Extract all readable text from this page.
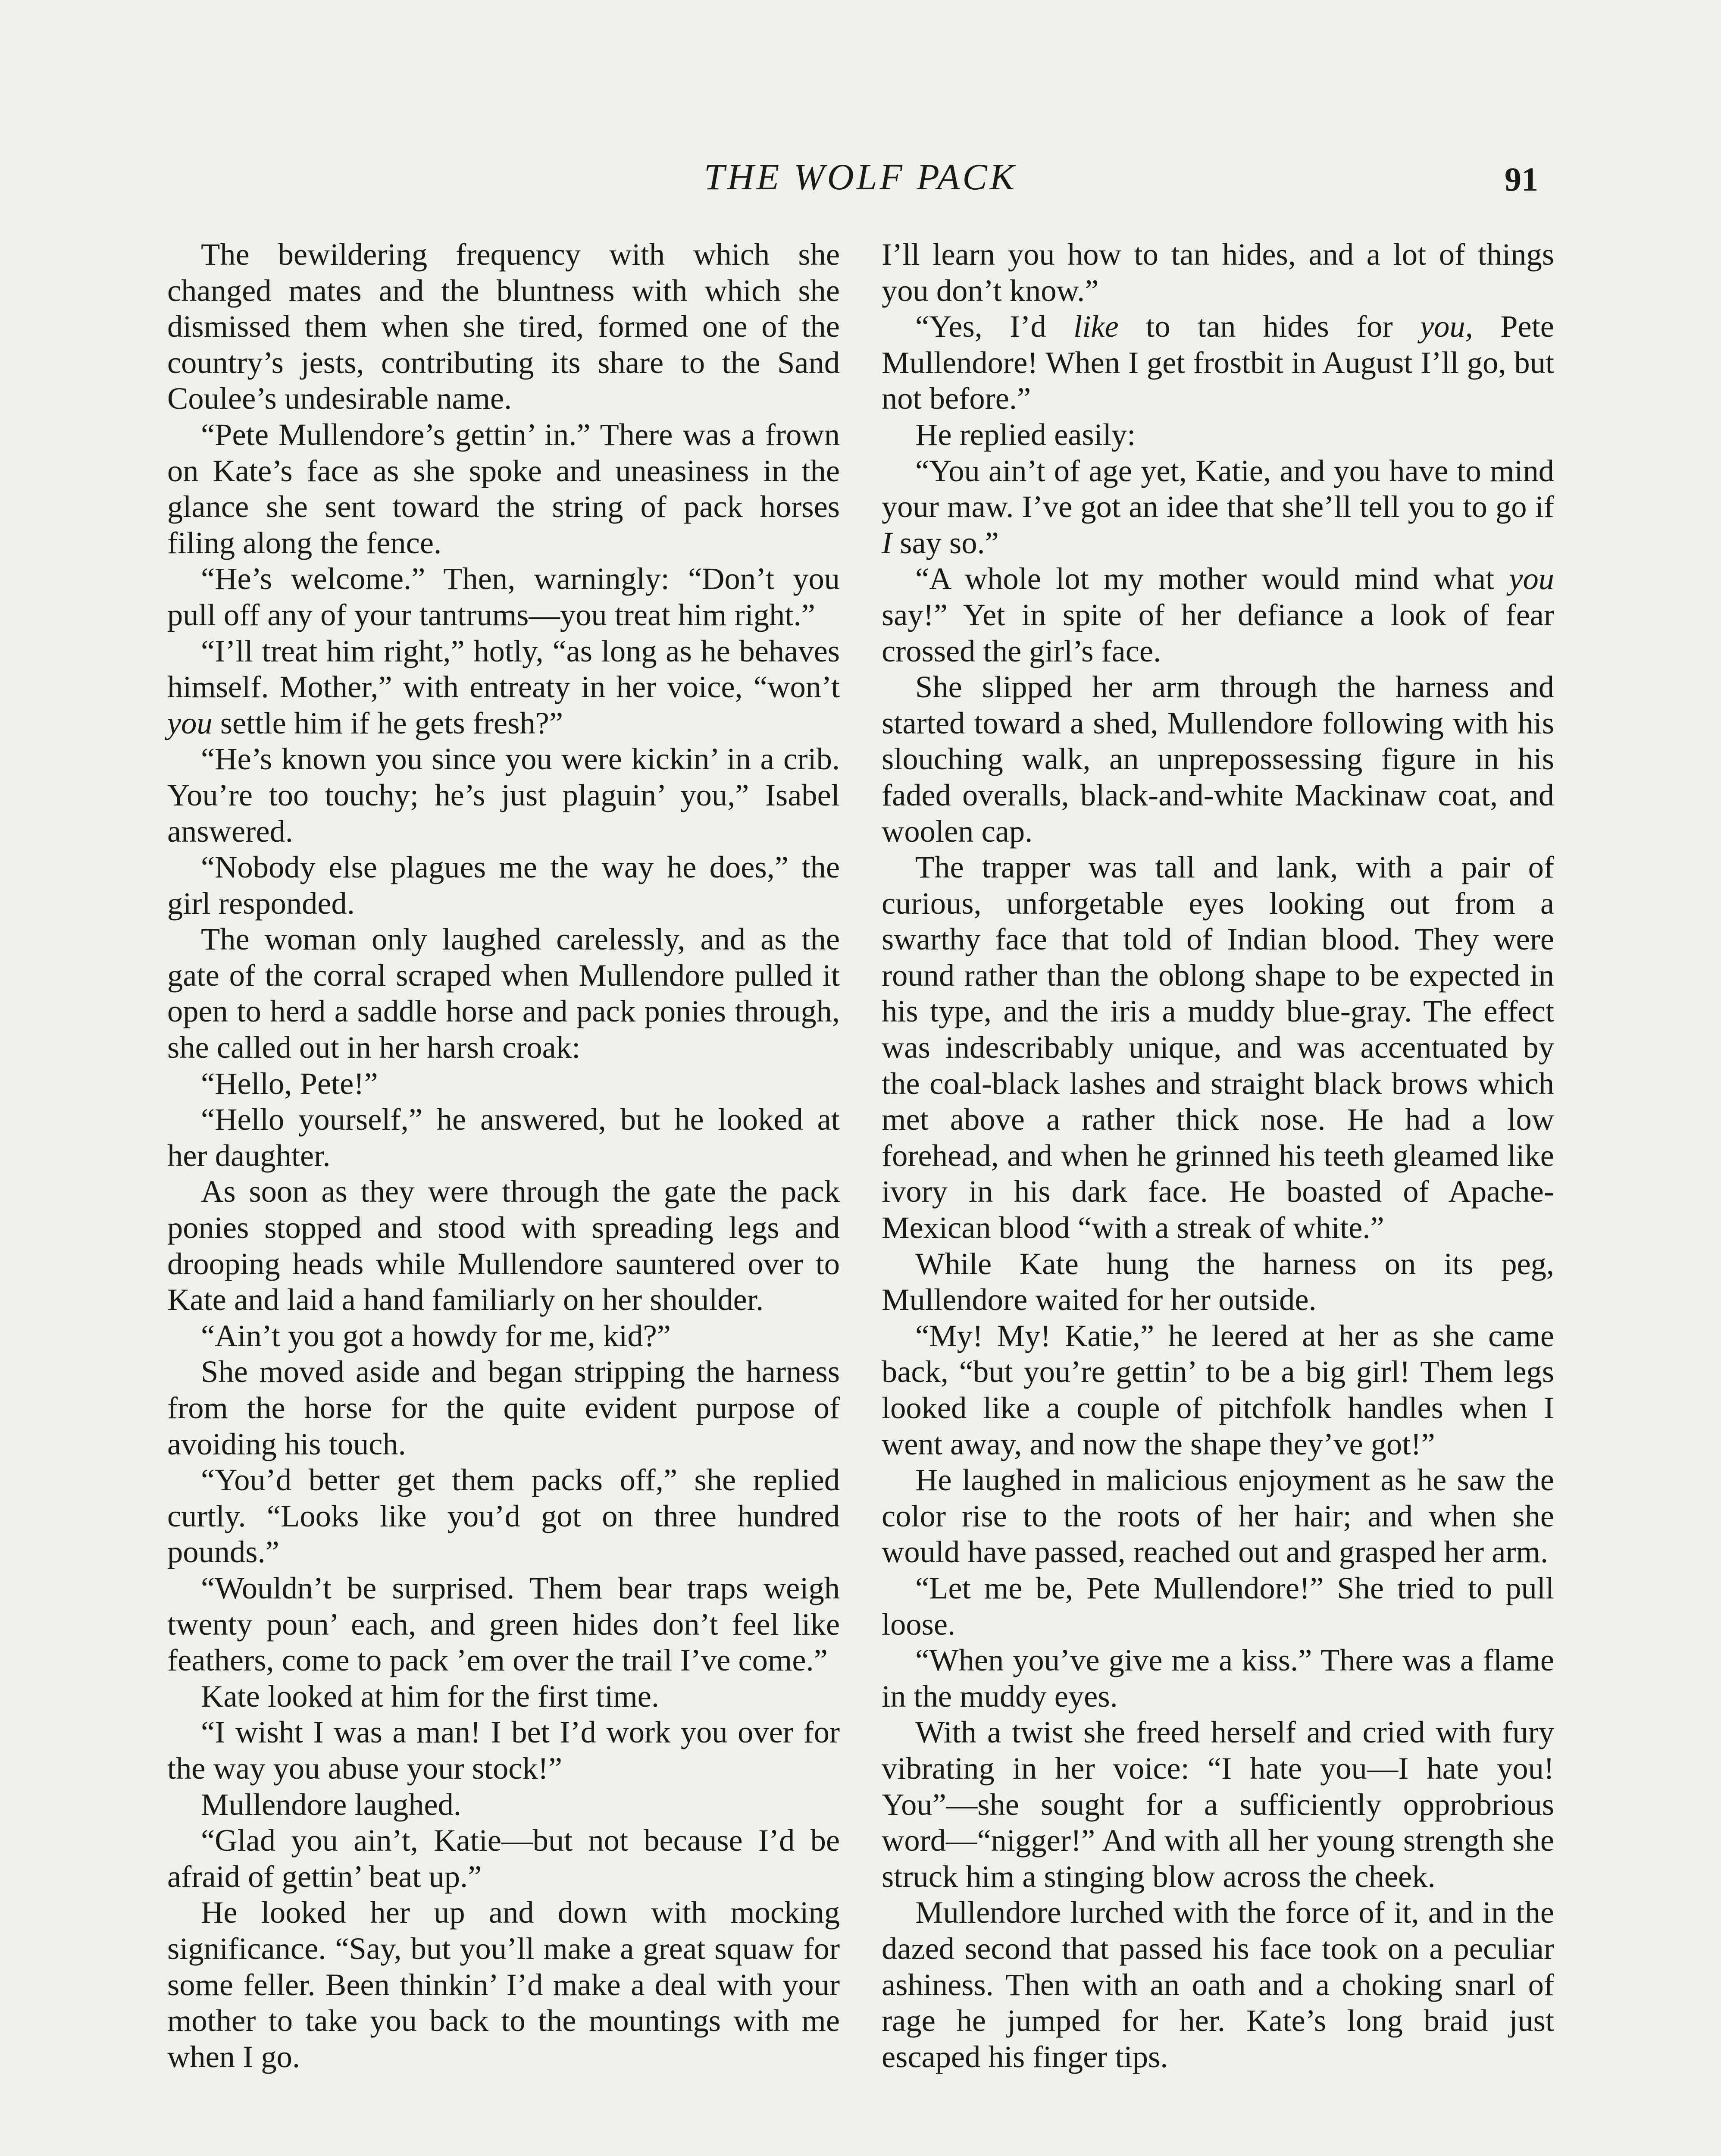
THE WOLF PACK	91

The bewildering frequency with which she changed mates and the bluntness with which she dismissed them when she tired, formed one of the country’s jests, contributing its share to the Sand Coulee’s undesirable name.

“Pete Mullendore’s gettin’ in.” There was a frown on Kate’s face as she spoke and uneasiness in the glance she sent toward the string of pack horses filing along the fence.

“He’s welcome.” Then, warningly: “Don’t you pull off any of your tantrums—you treat him right.”

“I’ll treat him right,” hotly, “as long as he behaves himself. Mother,” with entreaty in her voice, “won’t you settle him if he gets fresh?”

“He’s known you since you were kickin’ in a crib. You’re too touchy; he’s just plaguin’ you,” Isabel answered.

“Nobody else plagues me the way he does,” the girl responded.

The woman only laughed carelessly, and as the gate of the corral scraped when Mullendore pulled it open to herd a saddle horse and pack ponies through, she called out in her harsh croak:

“Hello, Pete!”

“Hello yourself,” he answered, but he looked at her daughter.

As soon as they were through the gate the pack ponies stopped and stood with spreading legs and drooping heads while Mullendore sauntered over to Kate and laid a hand familiarly on her shoulder.

“Ain’t you got a howdy for me, kid?”

She moved aside and began stripping the harness from the horse for the quite evident purpose of avoiding his touch.

“You’d better get them packs off,” she replied curtly. “Looks like you’d got on three hundred pounds.”

“Wouldn’t be surprised. Them bear traps weigh twenty poun’ each, and green hides don’t feel like feathers, come to pack ’em over the trail I’ve come.”

Kate looked at him for the first time.

“I wisht I was a man! I bet I’d work you over for the way you abuse your stock!”

Mullendore laughed.

“Glad you ain’t, Katie—but not because I’d be afraid of gettin’ beat up.”

He looked her up and down with mocking significance. “Say, but you’ll make a great squaw for some feller. Been thinkin’ I’d make a deal with your mother to take you back to the mountings with me when I go.

I’ll learn you how to tan hides, and a lot of things you don’t know.”

“Yes, I’d like to tan hides for you, Pete Mullendore! When I get frostbit in August I’ll go, but not before.”

He replied easily:

“You ain’t of age yet, Katie, and you have to mind your maw. I’ve got an idee that she’ll tell you to go if I say so.”

“A whole lot my mother would mind what you say!” Yet in spite of her defiance a look of fear crossed the girl’s face.

She slipped her arm through the harness and started toward a shed, Mullendore following with his slouching walk, an unprepossessing figure in his faded overalls, black-and-white Mackinaw coat, and woolen cap.

The trapper was tall and lank, with a pair of curious, unforgetable eyes looking out from a swarthy face that told of Indian blood. They were round rather than the oblong shape to be expected in his type, and the iris a muddy blue-gray. The effect was indescribably unique, and was accentuated by the coal-black lashes and straight black brows which met above a rather thick nose. He had a low forehead, and when he grinned his teeth gleamed like ivory in his dark face. He boasted of Apache-Mexican blood “with a streak of white.”

While Kate hung the harness on its peg, Mullendore waited for her outside.

“My! My! Katie,” he leered at her as she came back, “but you’re gettin’ to be a big girl! Them legs looked like a couple of pitchfolk handles when I went away, and now the shape they’ve got!”

He laughed in malicious enjoyment as he saw the color rise to the roots of her hair; and when she would have passed, reached out and grasped her arm.

“Let me be, Pete Mullendore!” She tried to pull loose.

“When you’ve give me a kiss.” There was a flame in the muddy eyes.

With a twist she freed herself and cried with fury vibrating in her voice: “I hate you—I hate you! You”—she sought for a sufficiently opprobrious word—“nigger!” And with all her young strength she struck him a stinging blow across the cheek.

Mullendore lurched with the force of it, and in the dazed second that passed his face took on a peculiar ashiness. Then with an oath and a choking snarl of rage he jumped for her. Kate’s long braid just escaped his finger tips.
